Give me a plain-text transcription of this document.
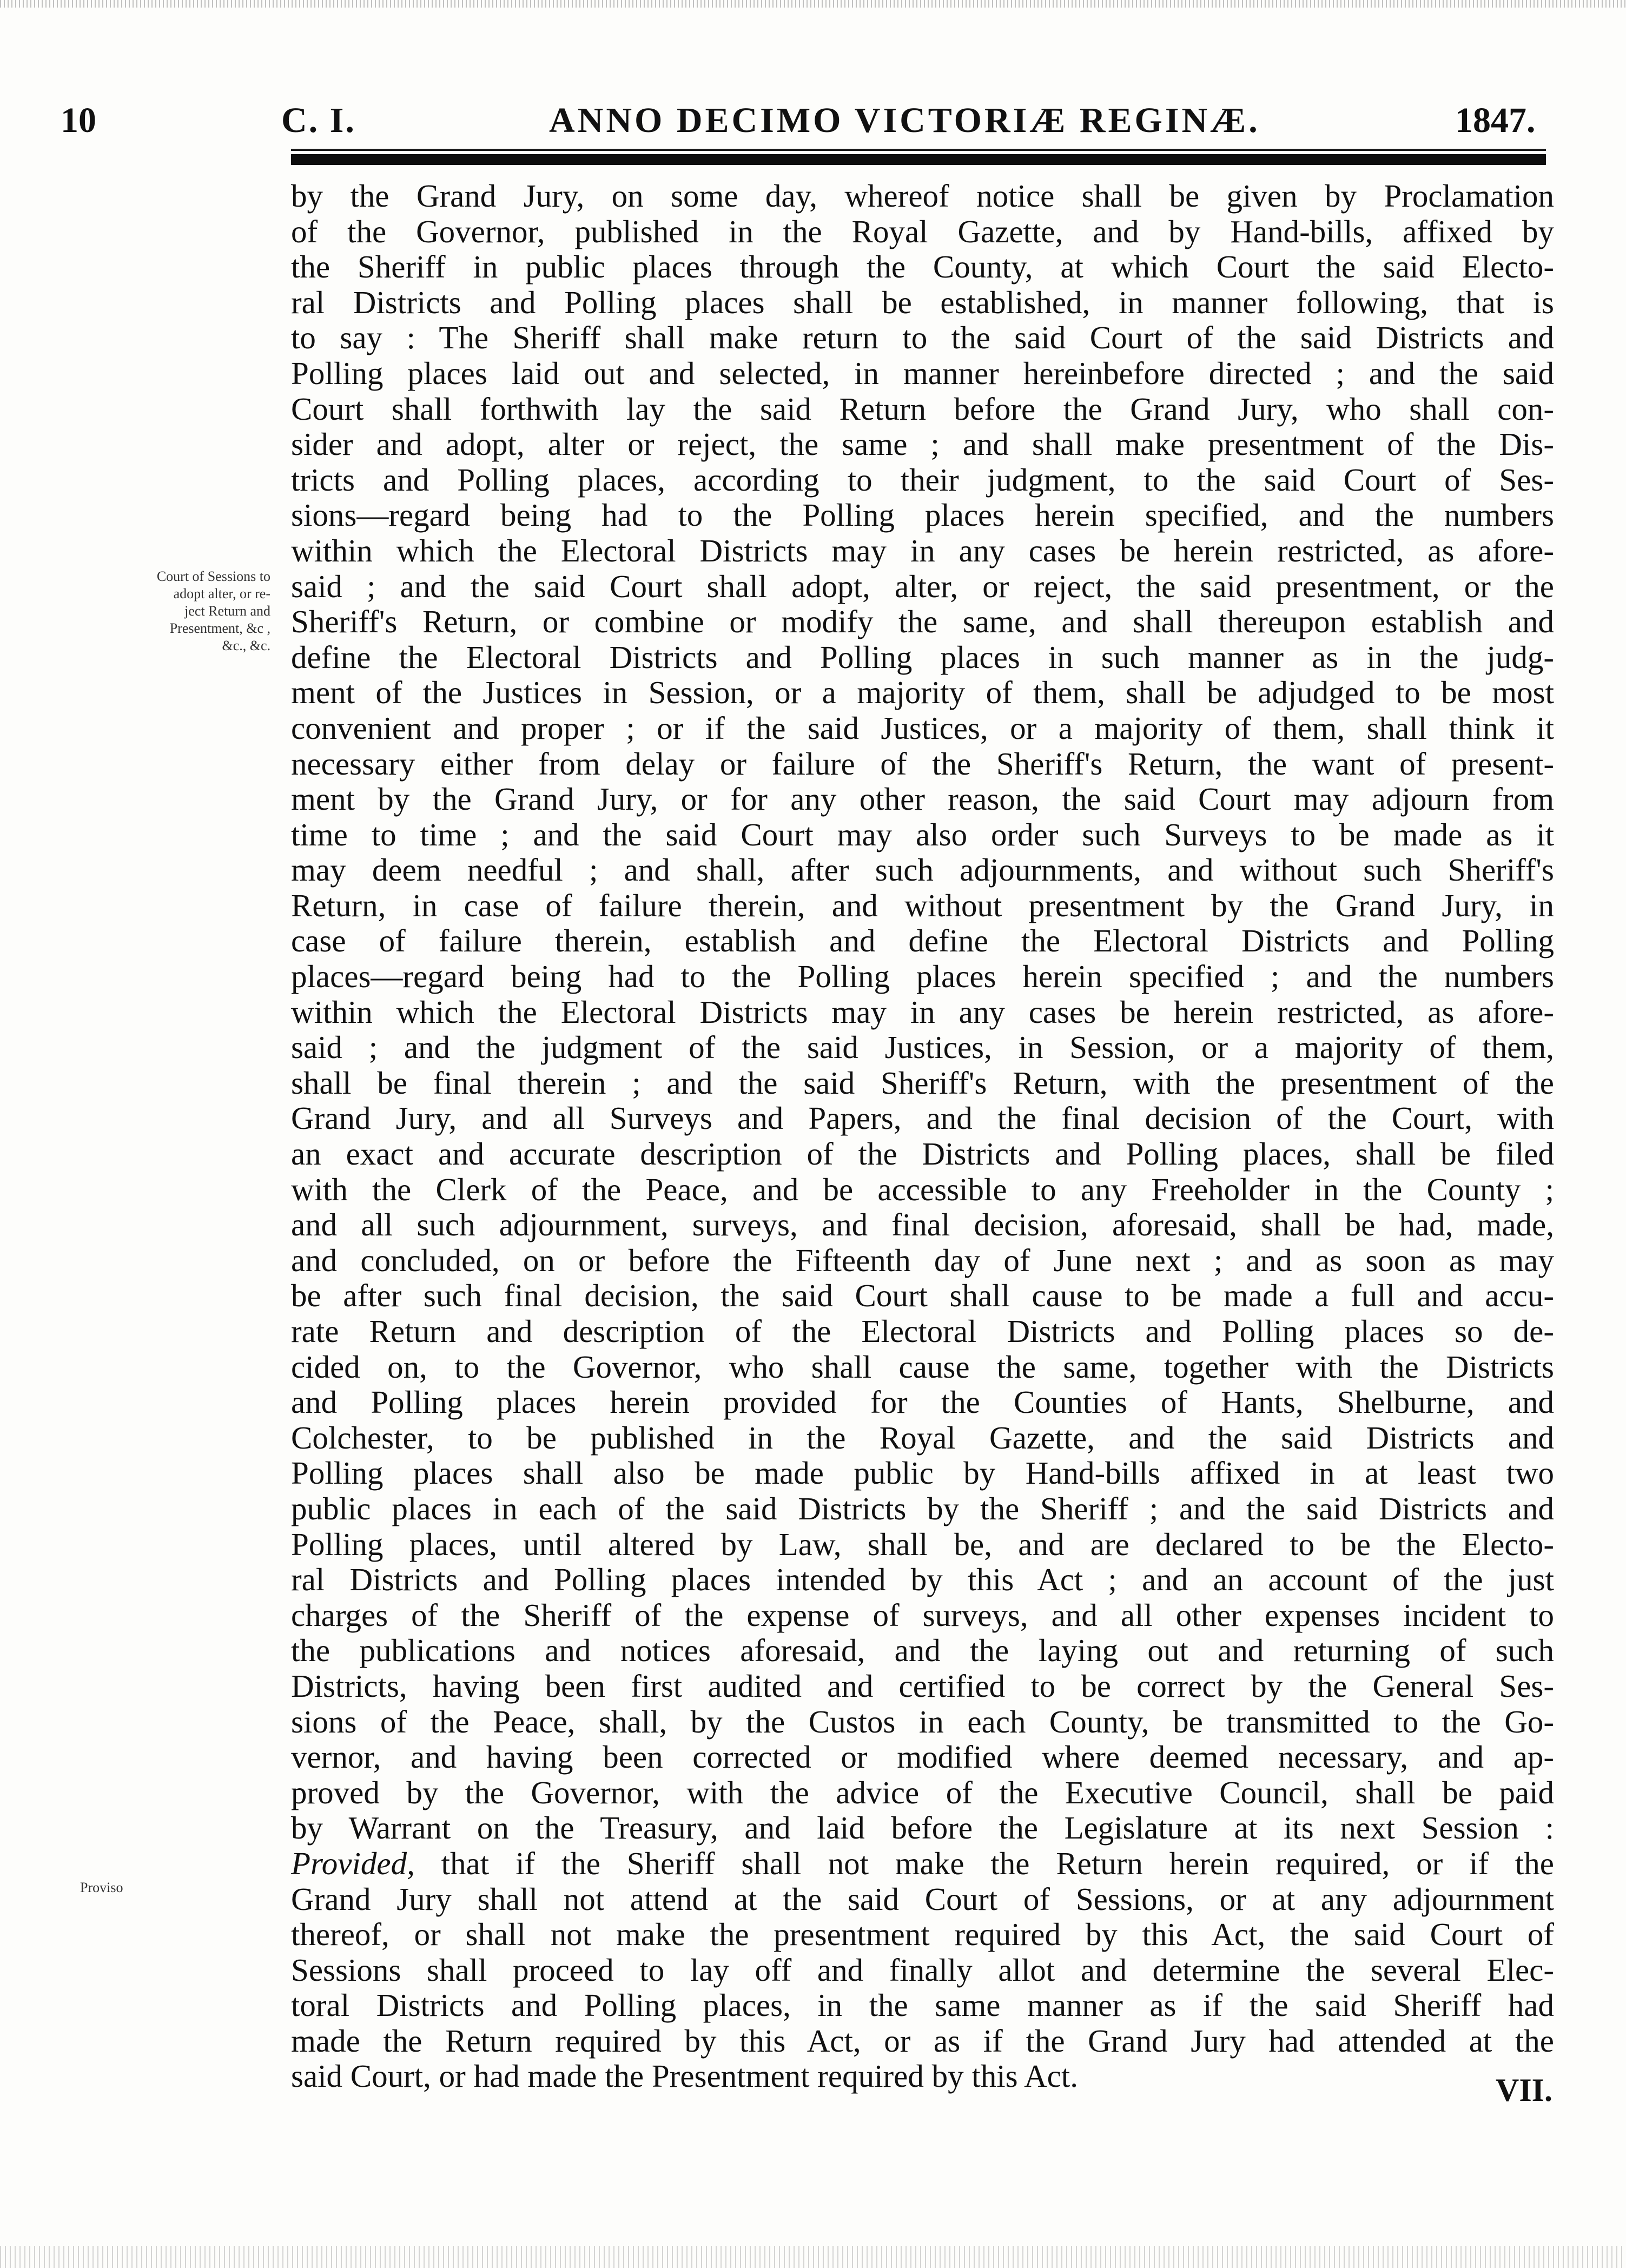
10	C. I.	ANNO DECIMO VICTORIÆ REGINÆ.	1847.
Court of Sessions to
adopt alter, or re-
ject Return and
Presentment, &c ,
&c., &c.
Proviso
by the Grand Jury, on some day, whereof notice shall be given by Proclamation
of the Governor, published in the Royal Gazette, and by Hand-bills, affixed by
the Sheriff in public places through the County, at which Court the said Electo-
ral Districts and Polling places shall be established, in manner following, that is
to say : The Sheriff shall make return to the said Court of the said Districts and
Polling places laid out and selected, in manner hereinbefore directed ; and the said
Court shall forthwith lay the said Return before the Grand Jury, who shall con-
sider and adopt, alter or reject, the same ; and shall make presentment of the Dis-
tricts and Polling places, according to their judgment, to the said Court of Ses-
sions—regard being had to the Polling places herein specified, and the numbers
within which the Electoral Districts may in any cases be herein restricted, as afore-
said ; and the said Court shall adopt, alter, or reject, the said presentment, or the
Sheriff's Return, or combine or modify the same, and shall thereupon establish and
define the Electoral Districts and Polling places in such manner as in the judg-
ment of the Justices in Session, or a majority of them, shall be adjudged to be most
convenient and proper ; or if the said Justices, or a majority of them, shall think it
necessary either from delay or failure of the Sheriff's Return, the want of present-
ment by the Grand Jury, or for any other reason, the said Court may adjourn from
time to time ; and the said Court may also order such Surveys to be made as it
may deem needful ; and shall, after such adjournments, and without such Sheriff's
Return, in case of failure therein, and without presentment by the Grand Jury, in
case of failure therein, establish and define the Electoral Districts and Polling
places—regard being had to the Polling places herein specified ; and the numbers
within which the Electoral Districts may in any cases be herein restricted, as afore-
said ; and the judgment of the said Justices, in Session, or a majority of them,
shall be final therein ; and the said Sheriff's Return, with the presentment of the
Grand Jury, and all Surveys and Papers, and the final decision of the Court, with
an exact and accurate description of the Districts and Polling places, shall be filed
with the Clerk of the Peace, and be accessible to any Freeholder in the County ;
and all such adjournment, surveys, and final decision, aforesaid, shall be had, made,
and concluded, on or before the Fifteenth day of June next ; and as soon as may
be after such final decision, the said Court shall cause to be made a full and accu-
rate Return and description of the Electoral Districts and Polling places so de-
cided on, to the Governor, who shall cause the same, together with the Districts
and Polling places herein provided for the Counties of Hants, Shelburne, and
Colchester, to be published in the Royal Gazette, and the said Districts and
Polling places shall also be made public by Hand-bills affixed in at least two
public places in each of the said Districts by the Sheriff ; and the said Districts and
Polling places, until altered by Law, shall be, and are declared to be the Electo-
ral Districts and Polling places intended by this Act ; and an account of the just
charges of the Sheriff of the expense of surveys, and all other expenses incident to
the publications and notices aforesaid, and the laying out and returning of such
Districts, having been first audited and certified to be correct by the General Ses-
sions of the Peace, shall, by the Custos in each County, be transmitted to the Go-
vernor, and having been corrected or modified where deemed necessary, and ap-
proved by the Governor, with the advice of the Executive Council, shall be paid
by Warrant on the Treasury, and laid before the Legislature at its next Session :
Provided, that if the Sheriff shall not make the Return herein required, or if the
Grand Jury shall not attend at the said Court of Sessions, or at any adjournment
thereof, or shall not make the presentment required by this Act, the said Court of
Sessions shall proceed to lay off and finally allot and determine the several Elec-
toral Districts and Polling places, in the same manner as if the said Sheriff had
made the Return required by this Act, or as if the Grand Jury had attended at the
said Court, or had made the Presentment required by this Act.	VII.
